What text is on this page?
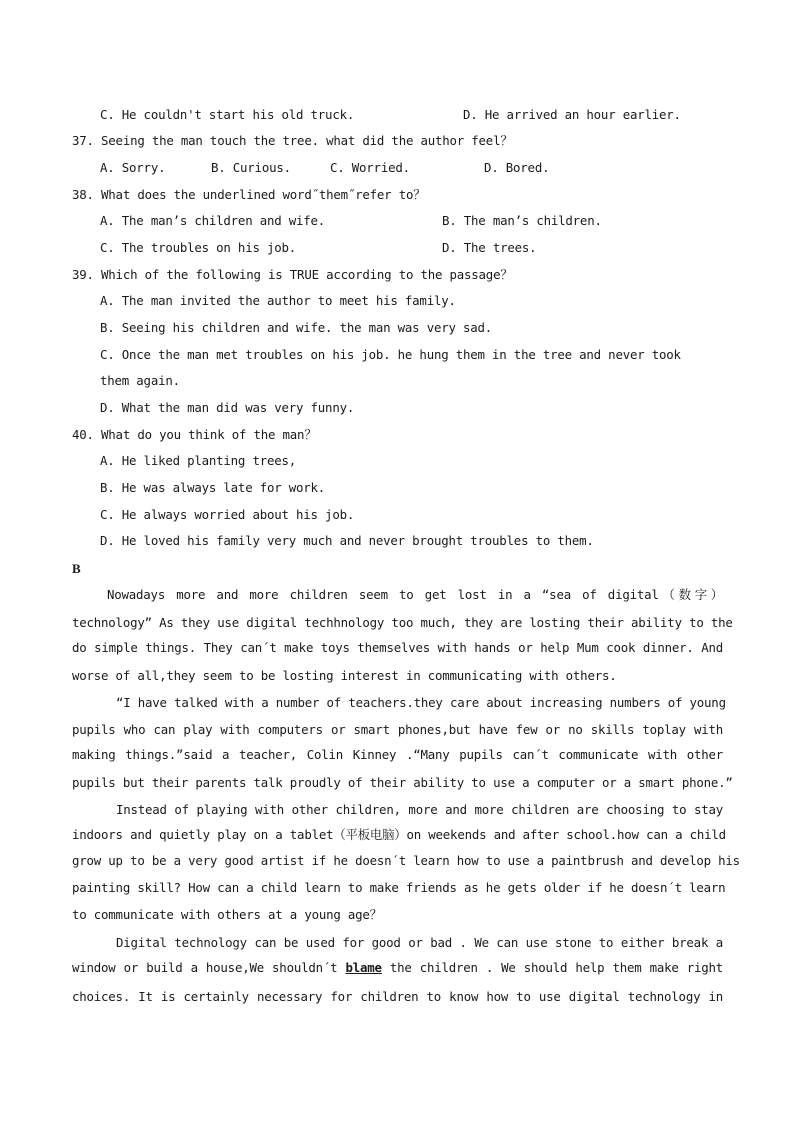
C. He couldn't start his old truck.	D. He arrived an hour earlier.
37. Seeing the man touch the tree. what did the author feel？
A. Sorry.	B. Curious.	C. Worried.	D. Bored.
38. What does the underlined word˝them˝refer to？
A. The man’s children and wife.	B. The man’s children.
C. The troubles on his job.	D. The trees.
39. Which of the following is TRUE according to the passage？
A. The man invited the author to meet his family.
B. Seeing his children and wife. the man was very sad.
C. Once the man met troubles on his job. he hung them in the tree and never took
them again.
D. What the man did was very funny.
40. What do you think of the man？
A. He liked planting trees,
B. He was always late for work.
C. He always worried about his job.
D. He loved his family very much and never brought troubles to them.
B
Nowadays more and more children seem to get lost in a “sea of digital（数字）
technology” As they use digital techhnology too much, they are losting their ability to the
do simple things. They can´t make toys themselves with hands or help Mum cook dinner. And
worse of all,they seem to be losting interest in communicating with others.
“I have talked with a number of teachers.they care about increasing numbers of young
pupils who can play with computers or smart phones,but have few or no skills toplay with
making things.”said a teacher, Colin Kinney .“Many pupils can´t communicate with other
pupils but their parents talk proudly of their ability to use a computer or a smart phone.”
Instead of playing with other children, more and more children are choosing to stay
indoors and quietly play on a tablet（平板电脑）on weekends and after school.how can a child
grow up to be a very good artist if he doesn´t learn how to use a paintbrush and develop his
painting skill? How can a child learn to make friends as he gets older if he doesn´t learn
to communicate with others at a young age？
Digital technology can be used for good or bad . We can use stone to either break a
window or build a house,We shouldn´t blame the children . We should help them make right
choices. It is certainly necessary for children to know how to use digital technology in
